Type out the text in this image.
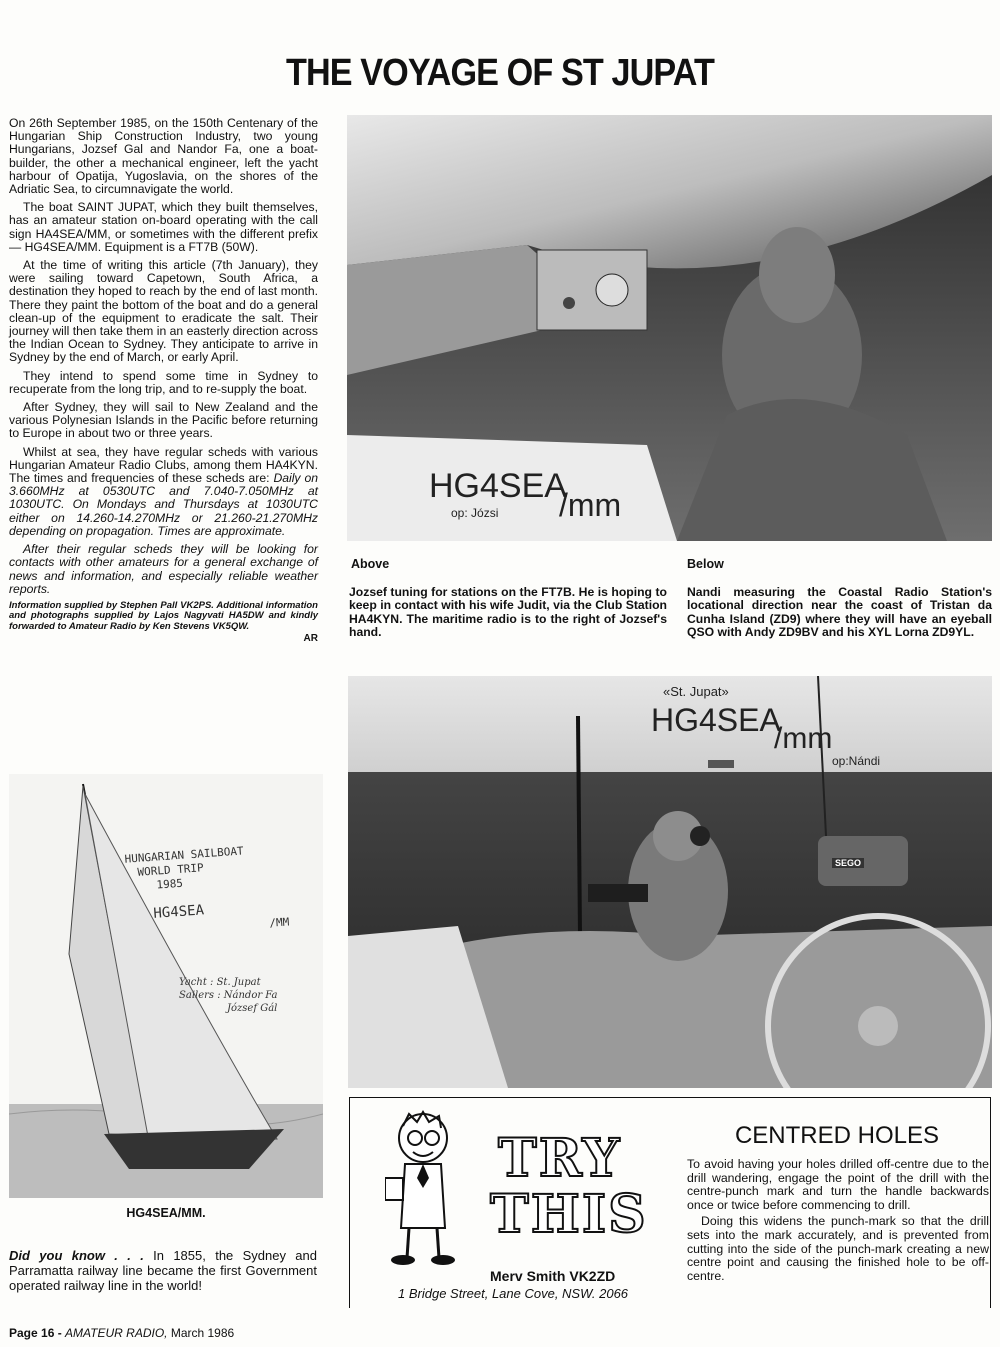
THE VOYAGE OF ST JUPAT

On 26th September 1985, on the 150th Centenary of the Hungarian Ship Construction Industry, two young Hungarians, Jozsef Gal and Nandor Fa, one a boat-builder, the other a mechanical engineer, left the yacht harbour of Opatija, Yugoslavia, on the shores of the Adriatic Sea, to circumnavigate the world.

The boat SAINT JUPAT, which they built themselves, has an amateur station on-board operating with the call sign HA4SEA/MM, or sometimes with the different prefix — HG4SEA/MM. Equipment is a FT7B (50W).

At the time of writing this article (7th January), they were sailing toward Capetown, South Africa, a destination they hoped to reach by the end of last month. There they paint the bottom of the boat and do a general clean-up of the equipment to eradicate the salt. Their journey will then take them in an easterly direction across the Indian Ocean to Sydney. They anticipate to arrive in Sydney by the end of March, or early April.

They intend to spend some time in Sydney to recuperate from the long trip, and to re-supply the boat.

After Sydney, they will sail to New Zealand and the various Polynesian Islands in the Pacific before returning to Europe in about two or three years.

Whilst at sea, they have regular scheds with various Hungarian Amateur Radio Clubs, among them HA4KYN. The times and frequencies of these scheds are: Daily on 3.660MHz at 0530UTC and 7.040-7.050MHz at 1030UTC. On Mondays and Thursdays at 1030UTC either on 14.260-14.270MHz or 21.260-21.270MHz depending on propagation. Times are approximate.

After their regular scheds they will be looking for contacts with other amateurs for a general exchange of news and information, and especially reliable weather reports.

Information supplied by Stephen Pall VK2PS. Additional information and photographs supplied by Lajos Nagyvati HA5DW and kindly forwarded to Amateur Radio by Ken Stevens VK5QW.
AR
HG4SEA
/mm
op: Józsi
Above
Jozsef tuning for stations on the FT7B. He is hoping to keep in contact with his wife Judit, via the Club Station HA4KYN. The maritime radio is to the right of Jozsef's hand.
Below
Nandi measuring the Coastal Radio Station's locational direction near the coast of Tristan da Cunha Island (ZD9) where they will have an eyeball QSO with Andy ZD9BV and his XYL Lorna ZD9YL.
SEGO
«St. Jupat»
HG4SEA
/mm
op:Nándi
HUNGARIAN SAILBOAT
WORLD TRIP
1985
HG4SEA
/MM
Yacht : St. Jupat
Sailers : Nándor Fa
József Gál
HG4SEA/MM.
Did you know . . . In 1855, the Sydney and Parramatta railway line became the first Government operated railway line in the world!
TRY
THIS
Merv Smith VK2ZD
1 Bridge Street, Lane Cove, NSW. 2066
CENTRED HOLES

To avoid having your holes drilled off-centre due to the drill wandering, engage the point of the drill with the centre-punch mark and turn the handle backwards once or twice before commencing to drill.

Doing this widens the punch-mark so that the drill sets into the mark accurately, and is prevented from cutting into the side of the punch-mark creating a new centre point and causing the finished hole to be off-centre.

Page 16 - AMATEUR RADIO, March 1986
